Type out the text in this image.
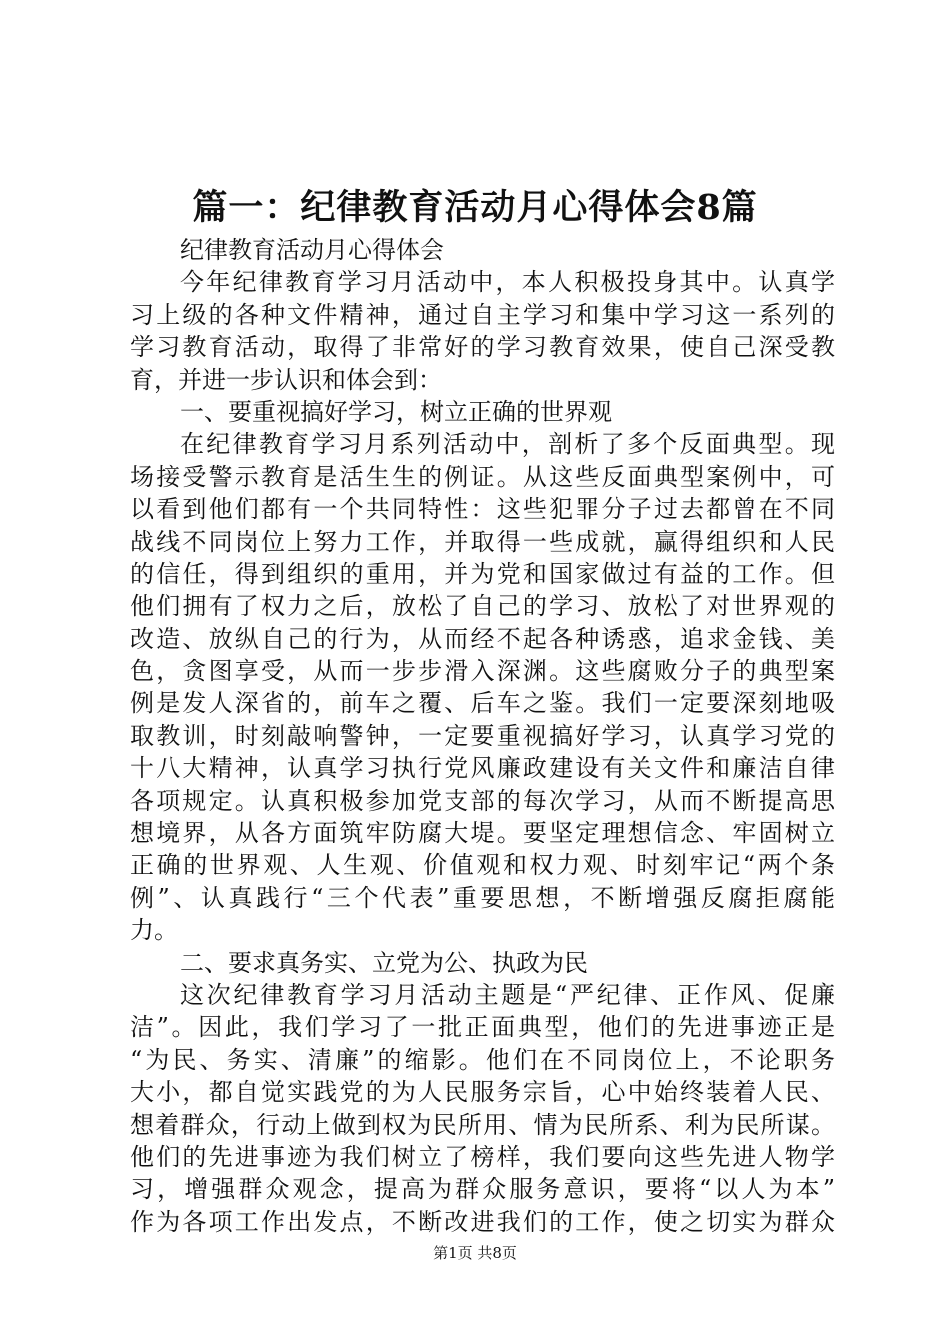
篇一：纪律教育活动月心得体会8篇
纪律教育活动月心得体会
今年纪律教育学习月活动中，本人积极投身其中。认真学
习上级的各种文件精神，通过自主学习和集中学习这一系列的
学习教育活动，取得了非常好的学习教育效果，使自己深受教
育，并进一步认识和体会到：
一、要重视搞好学习，树立正确的世界观
在纪律教育学习月系列活动中，剖析了多个反面典型。现
场接受警示教育是活生生的例证。从这些反面典型案例中，可
以看到他们都有一个共同特性：这些犯罪分子过去都曾在不同
战线不同岗位上努力工作，并取得一些成就，赢得组织和人民
的信任，得到组织的重用，并为党和国家做过有益的工作。但
他们拥有了权力之后，放松了自己的学习、放松了对世界观的
改造、放纵自己的行为，从而经不起各种诱惑，追求金钱、美
色，贪图享受，从而一步步滑入深渊。这些腐败分子的典型案
例是发人深省的，前车之覆、后车之鉴。我们一定要深刻地吸
取教训，时刻敲响警钟，一定要重视搞好学习，认真学习党的
十八大精神，认真学习执行党风廉政建设有关文件和廉洁自律
各项规定。认真积极参加党支部的每次学习，从而不断提高思
想境界，从各方面筑牢防腐大堤。要坚定理想信念、牢固树立
正确的世界观、人生观、价值观和权力观、时刻牢记“两个条
例”、认真践行“三个代表”重要思想，不断增强反腐拒腐能
力。
二、要求真务实、立党为公、执政为民
这次纪律教育学习月活动主题是“严纪律、正作风、促廉
洁”。因此，我们学习了一批正面典型，他们的先进事迹正是
“为民、务实、清廉”的缩影。他们在不同岗位上，不论职务
大小，都自觉实践党的为人民服务宗旨，心中始终装着人民、
想着群众，行动上做到权为民所用、情为民所系、利为民所谋。
他们的先进事迹为我们树立了榜样，我们要向这些先进人物学
习，增强群众观念，提高为群众服务意识，要将“以人为本”
作为各项工作出发点，不断改进我们的工作，使之切实为群众
第1页 共8页
